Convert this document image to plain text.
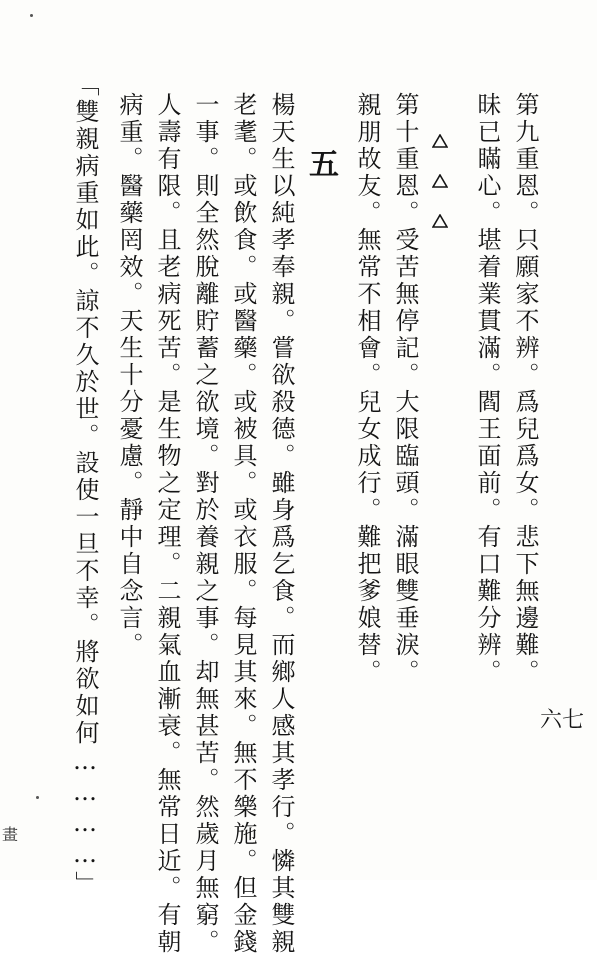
第九重恩。只願家不辨。爲兒爲女。悲下無邊難。
昧已瞞心。堪着業貫滿。閻王面前。有口難分辨。
第十重恩。受苦無停記。大限臨頭。滿眼雙垂淚。
親朋故友。無常不相會。兒女成行。難把爹娘替。
五
楊天生以純孝奉親。嘗欲殺德。雖身爲乞食。而鄉人感其孝行。憐其雙親
老耄。或飲食。或醫藥。或被具。或衣服。每見其來。無不樂施。但金錢
一事。則全然脫離貯蓄之欲境。對於養親之事。却無甚苦。然歲月無窮。
人壽有限。且老病死苦。是生物之定理。二親氣血漸衰。無常日近。有朝
病重。醫藥罔效。天生十分憂慮。靜中自念言。
「雙親病重如此。諒不久於世。設使一旦不幸。將欲如何…………」	六七
畫
